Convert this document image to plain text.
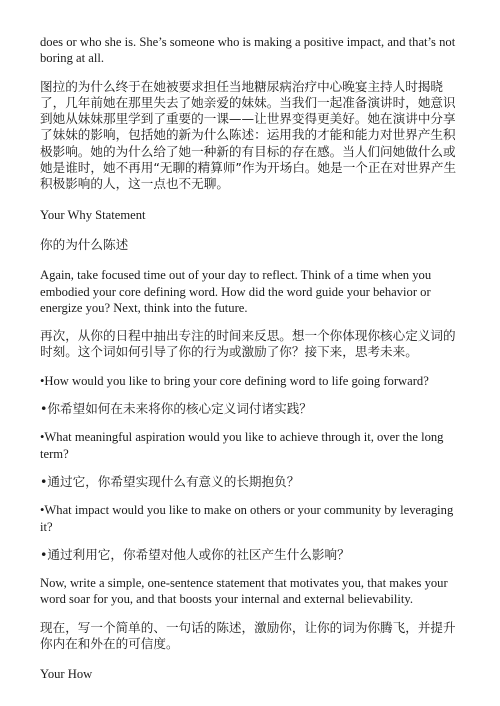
does or who she is. She’s someone who is making a positive impact, and that’s not boring at all.

图拉的为什么终于在她被要求担任当地糖尿病治疗中心晚宴主持人时揭晓了，几年前她在那里失去了她亲爱的妹妹。当我们一起准备演讲时，她意识到她从妹妹那里学到了重要的一课——让世界变得更美好。她在演讲中分享了妹妹的影响，包括她的新为什么陈述：运用我的才能和能力对世界产生积极影响。她的为什么给了她一种新的有目标的存在感。当人们问她做什么或她是谁时，她不再用“无聊的精算师”作为开场白。她是一个正在对世界产生积极影响的人，这一点也不无聊。

Your Why Statement

你的为什么陈述

Again, take focused time out of your day to reflect. Think of a time when you embodied your core defining word. How did the word guide your behavior or energize you? Next, think into the future.

再次，从你的日程中抽出专注的时间来反思。想一个你体现你核心定义词的时刻。这个词如何引导了你的行为或激励了你？接下来，思考未来。

•How would you like to bring your core defining word to life going forward?

•你希望如何在未来将你的核心定义词付诸实践？

•What meaningful aspiration would you like to achieve through it, over the long term?

•通过它，你希望实现什么有意义的长期抱负？

•What impact would you like to make on others or your community by leveraging it?

•通过利用它，你希望对他人或你的社区产生什么影响？

Now, write a simple, one-sentence statement that motivates you, that makes your word soar for you, and that boosts your internal and external believability.

现在，写一个简单的、一句话的陈述，激励你，让你的词为你腾飞，并提升你内在和外在的可信度。

Your How
